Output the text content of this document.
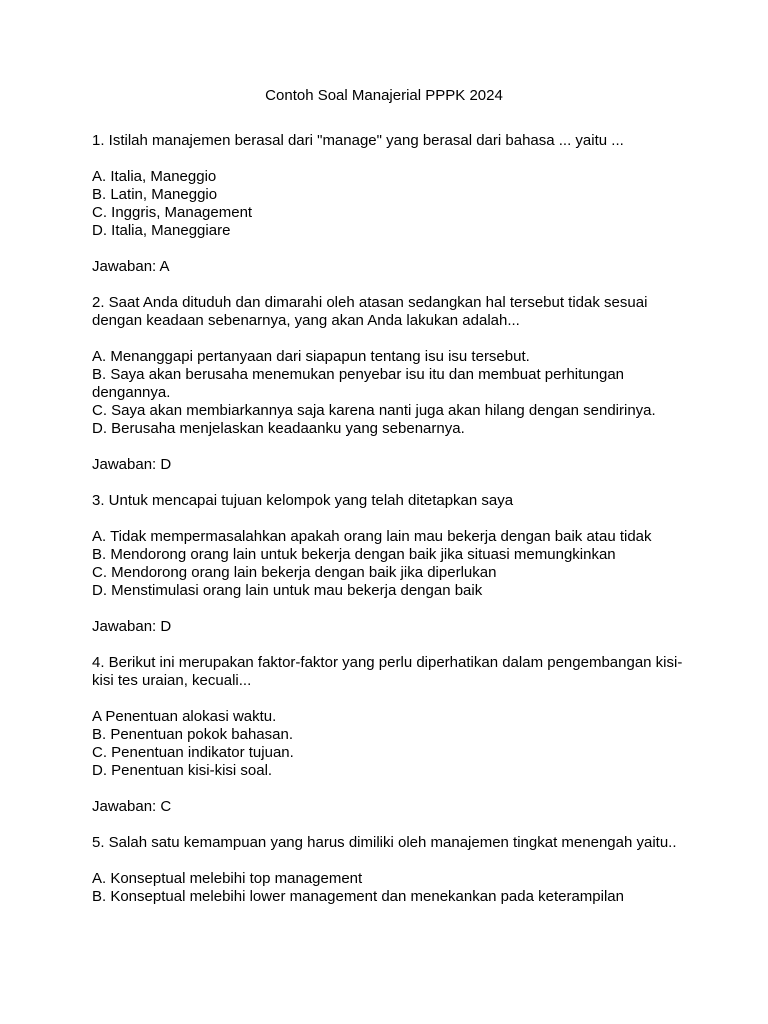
Contoh Soal Manajerial PPPK 2024
1. Istilah manajemen berasal dari "manage" yang berasal dari bahasa ... yaitu ...
A. Italia, Maneggio
B. Latin, Maneggio
C. Inggris, Management
D. Italia, Maneggiare
Jawaban: A
2. Saat Anda dituduh dan dimarahi oleh atasan sedangkan hal tersebut tidak sesuai dengan keadaan sebenarnya, yang akan Anda lakukan adalah...
A. Menanggapi pertanyaan dari siapapun tentang isu isu tersebut.
B. Saya akan berusaha menemukan penyebar isu itu dan membuat perhitungan dengannya.
C. Saya akan membiarkannya saja karena nanti juga akan hilang dengan sendirinya.
D. Berusaha menjelaskan keadaanku yang sebenarnya.
Jawaban: D
3. Untuk mencapai tujuan kelompok yang telah ditetapkan saya
A. Tidak mempermasalahkan apakah orang lain mau bekerja dengan baik atau tidak
B. Mendorong orang lain untuk bekerja dengan baik jika situasi memungkinkan
C. Mendorong orang lain bekerja dengan baik jika diperlukan
D. Menstimulasi orang lain untuk mau bekerja dengan baik
Jawaban: D
4. Berikut ini merupakan faktor-faktor yang perlu diperhatikan dalam pengembangan kisi-kisi tes uraian, kecuali...
A Penentuan alokasi waktu.
B. Penentuan pokok bahasan.
C. Penentuan indikator tujuan.
D. Penentuan kisi-kisi soal.
Jawaban: C
5. Salah satu kemampuan yang harus dimiliki oleh manajemen tingkat menengah yaitu..
A. Konseptual melebihi top management
B. Konseptual melebihi lower management dan menekankan pada keterampilan
